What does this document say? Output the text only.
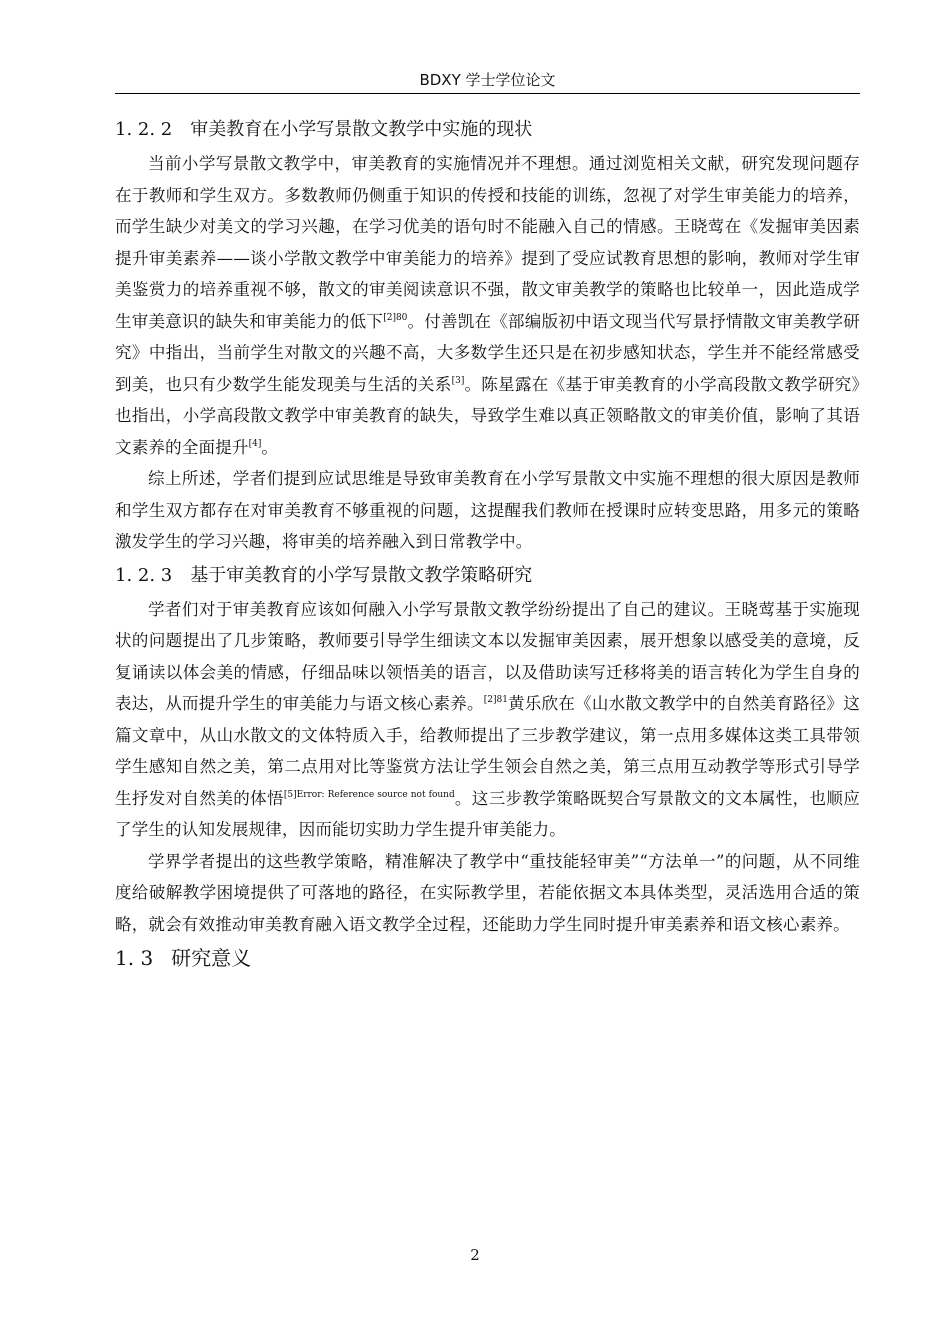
BDXY 学士学位论文
1. 2. 2 审美教育在小学写景散文教学中实施的现状

当前小学写景散文教学中，审美教育的实施情况并不理想。通过浏览相关文献，研究发现问题存在于教师和学生双方。多数教师仍侧重于知识的传授和技能的训练，忽视了对学生审美能力的培养，而学生缺少对美文的学习兴趣，在学习优美的语句时不能融入自己的情感。王晓莺在《发掘审美因素提升审美素养——谈小学散文教学中审美能力的培养》提到了受应试教育思想的影响，教师对学生审美鉴赏力的培养重视不够，散文的审美阅读意识不强，散文审美教学的策略也比较单一，因此造成学生审美意识的缺失和审美能力的低下$^{[2]80}$。付善凯在《部编版初中语文现当代写景抒情散文审美教学研究》中指出，当前学生对散文的兴趣不高，大多数学生还只是在初步感知状态，学生并不能经常感受到美，也只有少数学生能发现美与生活的关系[3]。陈星露在《基于审美教育的小学高段散文教学研究》也指出，小学高段散文教学中审美教育的缺失，导致学生难以真正领略散文的审美价值，影响了其语文素养的全面提升[4]。

综上所述，学者们提到应试思维是导致审美教育在小学写景散文中实施不理想的很大原因是教师和学生双方都存在对审美教育不够重视的问题，这提醒我们教师在授课时应转变思路，用多元的策略激发学生的学习兴趣，将审美的培养融入到日常教学中。

1. 2. 3 基于审美教育的小学写景散文教学策略研究

学者们对于审美教育应该如何融入小学写景散文教学纷纷提出了自己的建议。王晓莺基于实施现状的问题提出了几步策略，教师要引导学生细读文本以发掘审美因素，展开想象以感受美的意境，反复诵读以体会美的情感，仔细品味以领悟美的语言，以及借助读写迁移将美的语言转化为学生自身的表达，从而提升学生的审美能力与语文核心素养。$^{[2]81}$黄乐欣在《山水散文教学中的自然美育路径》这篇文章中，从山水散文的文体特质入手，给教师提出了三步教学建议，第一点用多媒体这类工具带领学生感知自然之美，第二点用对比等鉴赏方法让学生领会自然之美，第三点用互动教学等形式引导学生抒发对自然美的体悟$^{[5]Error: Reference source not found}$。这三步教学策略既契合写景散文的文本属性，也顺应了学生的认知发展规律，因而能切实助力学生提升审美能力。

学界学者提出的这些教学策略，精准解决了教学中“重技能轻审美”“方法单一”的问题，从不同维度给破解教学困境提供了可落地的路径，在实际教学里，若能依据文本具体类型，灵活选用合适的策略，就会有效推动审美教育融入语文教学全过程，还能助力学生同时提升审美素养和语文核心素养。

1. 3 研究意义
2
